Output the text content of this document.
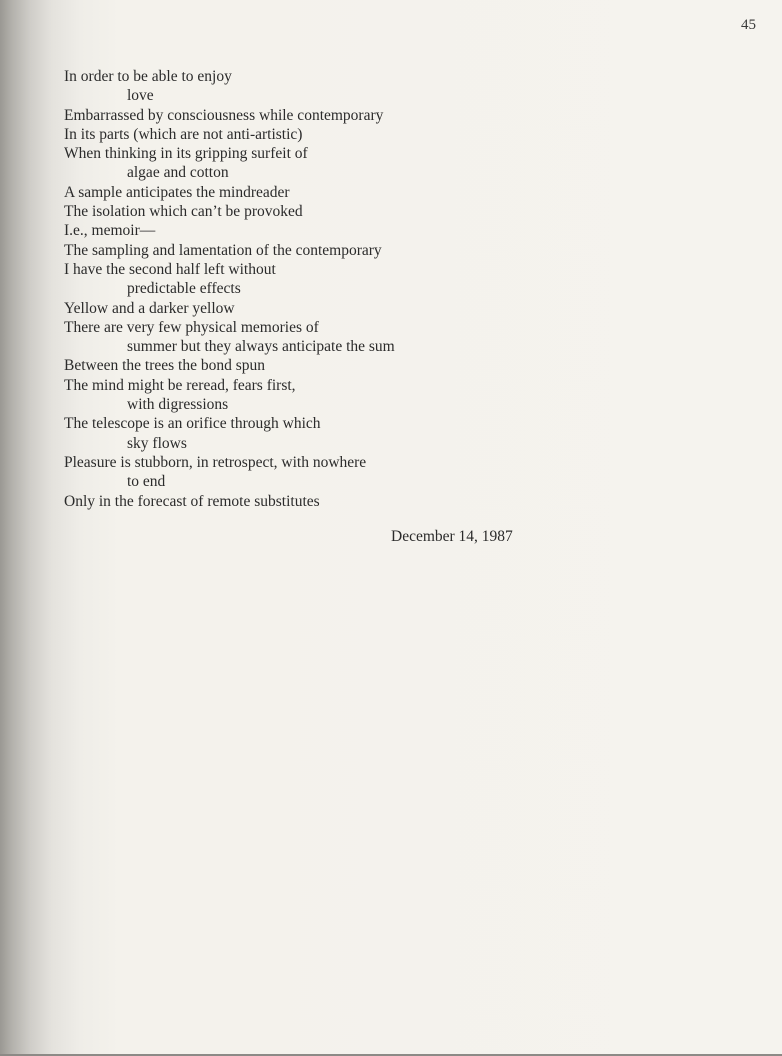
45
In order to be able to enjoy
love
Embarrassed by consciousness while contemporary
In its parts (which are not anti-artistic)
When thinking in its gripping surfeit of
algae and cotton
A sample anticipates the mindreader
The isolation which can’t be provoked
I.e., memoir—
The sampling and lamentation of the contemporary
I have the second half left without
predictable effects
Yellow and a darker yellow
There are very few physical memories of
summer but they always anticipate the sum
Between the trees the bond spun
The mind might be reread, fears first,
with digressions
The telescope is an orifice through which
sky flows
Pleasure is stubborn, in retrospect, with nowhere
to end
Only in the forecast of remote substitutes
December 14, 1987
